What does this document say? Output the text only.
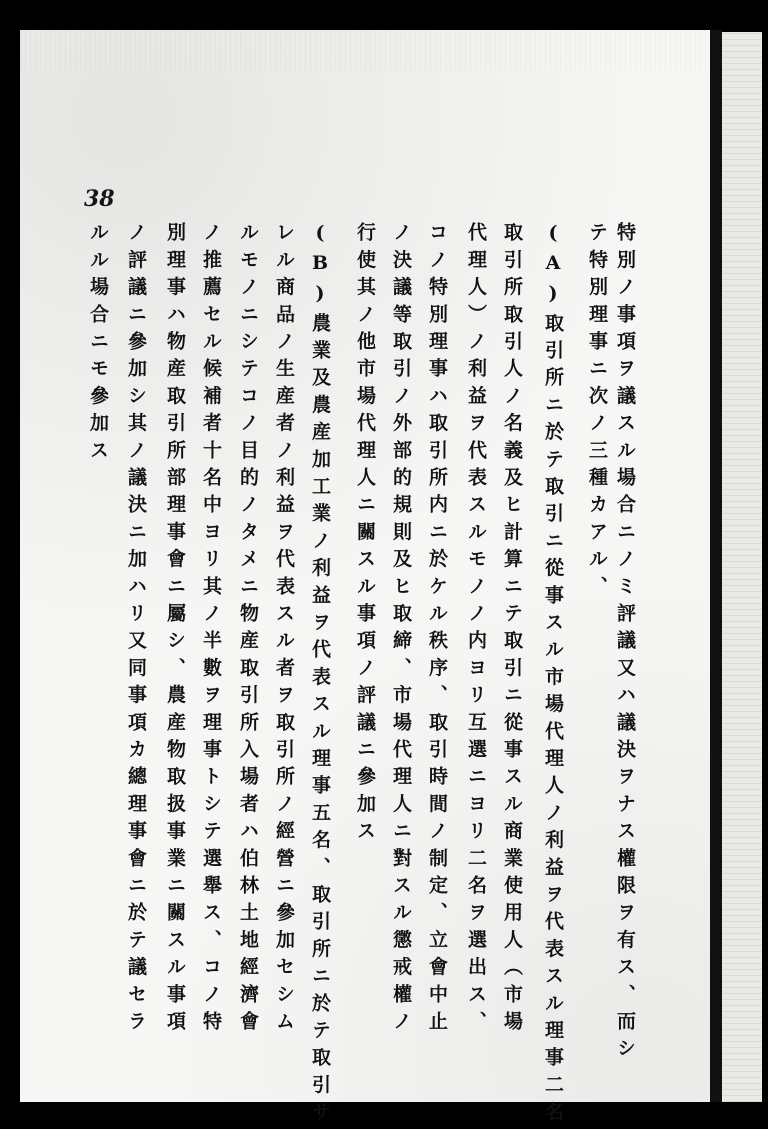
38
特別ノ事項ヲ議スル場合ニノミ評議又ハ議決ヲナス權限ヲ有ス、而シ
テ特別理事ニ次ノ三種カアル、
(A)取引所ニ於テ取引ニ從事スル市場代理人ノ利益ヲ代表スル理事二名
取引所取引人ノ名義及ヒ計算ニテ取引ニ從事スル商業使用人（市場
代理人）ノ利益ヲ代表スルモノノ内ヨリ互選ニヨリ二名ヲ選出ス、
コノ特別理事ハ取引所内ニ於ケル秩序、取引時間ノ制定、立會中止
ノ決議等取引ノ外部的規則及ヒ取締、市場代理人ニ對スル懲戒權ノ
行使其ノ他市場代理人ニ關スル事項ノ評議ニ參加ス
(B)農業及農産加工業ノ利益ヲ代表スル理事五名、取引所ニ於テ取引サ
レル商品ノ生産者ノ利益ヲ代表スル者ヲ取引所ノ經營ニ參加セシム
ルモノニシテコノ目的ノタメニ物産取引所入場者ハ伯林土地經濟會
ノ推薦セル候補者十名中ヨリ其ノ半數ヲ理事トシテ選舉ス、コノ特
別理事ハ物産取引所部理事會ニ屬シ、農産物取扱事業ニ關スル事項
ノ評議ニ參加シ其ノ議決ニ加ハリ又同事項カ總理事會ニ於テ議セラ
ルル場合ニモ參加ス
